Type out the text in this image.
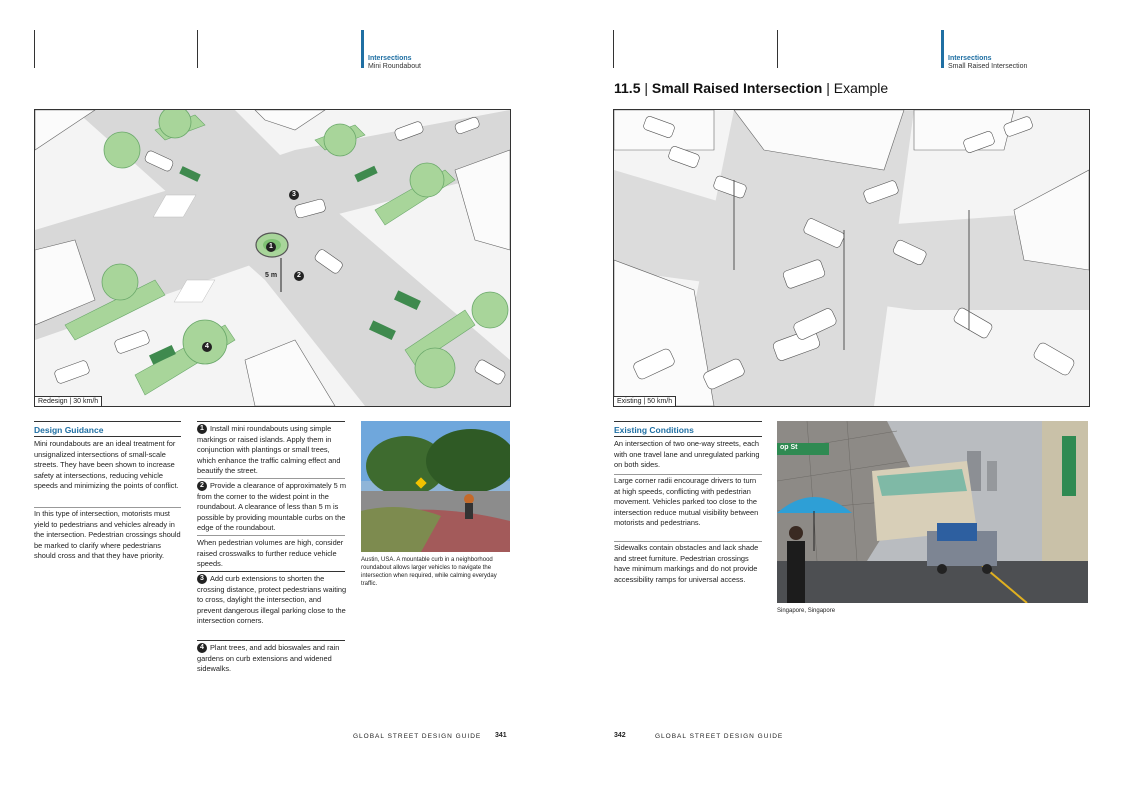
Intersections
Mini Roundabout
1
2
3
4
5 m
Redesign | 30 km/h
Design Guidance
Mini roundabouts are an ideal treatment for unsignalized intersections of small-scale streets. They have been shown to increase safety at intersections, reducing vehicle speeds and minimizing the points of conflict.
In this type of intersection, motorists must yield to pedestrians and vehicles already in the intersection. Pedestrian crossings should be marked to clarify where pedestrians should cross and that they have priority.
1 Install mini roundabouts using simple markings or raised islands. Apply them in conjunction with plantings or small trees, which enhance the traffic calming effect and beautify the street.
2 Provide a clearance of approximately 5 m from the corner to the widest point in the roundabout. A clearance of less than 5 m is possible by providing mountable curbs on the edge of the roundabout.
When pedestrian volumes are high, consider raised crosswalks to further reduce vehicle speeds.
3 Add curb extensions to shorten the crossing distance, protect pedestrians waiting to cross, daylight the intersection, and prevent dangerous illegal parking close to the intersection corners.
4 Plant trees, and add bioswales and rain gardens on curb extensions and widened sidewalks.
Austin, USA. A mountable curb in a neighborhood roundabout allows larger vehicles to navigate the intersection when required, while calming everyday traffic.
GLOBAL STREET DESIGN GUIDE 341
Intersections
Small Raised Intersection
11.5 | Small Raised Intersection | Example
Existing | 50 km/h
Existing Conditions
An intersection of two one-way streets, each with one travel lane and unregulated parking on both sides.
Large corner radii encourage drivers to turn at high speeds, conflicting with pedestrian movement. Vehicles parked too close to the intersection reduce mutual visibility between motorists and pedestrians.
Sidewalks contain obstacles and lack shade and street furniture. Pedestrian crossings have minimum markings and do not provide accessibility ramps for universal access.
op St
Singapore, Singapore
342	GLOBAL STREET DESIGN GUIDE
